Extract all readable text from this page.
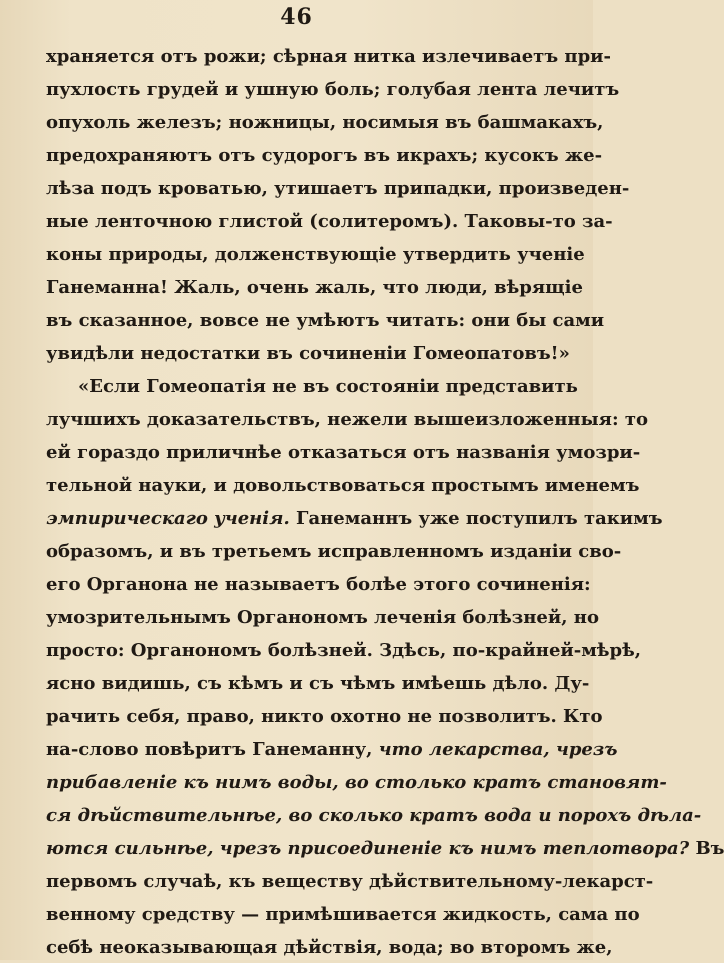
46
храняется отъ рожи; сѣрная нитка излечиваетъ при-
пухлость грудей и ушную боль; голубая лента лечитъ
опухоль железъ; ножницы, носимыя въ башмакахъ,
предохраняютъ отъ судорогъ въ икрахъ; кусокъ же-
лѣза подъ кроватью, утишаетъ припадки, произведен-
ные ленточною глистой (солитеромъ). Таковы-то за-
коны природы, долженствующіе утвердить ученіе
Ганеманна! Жаль, очень жаль, что люди, вѣрящіе
въ сказанное, вовсе не умѣютъ читать: они бы сами
увидѣли недостатки въ сочиненіи Гомеопатовъ!»
«Если Гомеопатія не въ состояніи представить
лучшихъ доказательствъ, нежели вышеизложенныя: то
ей гораздо приличнѣе отказаться отъ названія умозри-
тельной науки, и довольствоваться простымъ именемъ
эмпирическаго ученія. Ганеманнъ уже поступилъ такимъ
образомъ, и въ третьемъ исправленномъ изданіи сво-
его Органона не называетъ болѣе этого сочиненія:
умозрительнымъ Органономъ леченія болѣзней, но
просто: Органономъ болѣзней. Здѣсь, по-крайней-мѣрѣ,
ясно видишь, съ кѣмъ и съ чѣмъ имѣешь дѣло. Ду-
рачить себя, право, никто охотно не позволитъ. Кто
на-слово повѣритъ Ганеманну, что лекарства, чрезъ
прибавленіе къ нимъ воды, во столько кратъ становят-
ся дѣйствительнѣе, во сколько кратъ вода и порохъ дѣла-
ются сильнѣе, чрезъ присоединеніе къ нимъ теплотвора? Въ
первомъ случаѣ, къ веществу дѣйствительному-лекарст-
венному средству — примѣшивается жидкость, сама по
себѣ неоказывающая дѣйствія, вода; во второмъ же,
